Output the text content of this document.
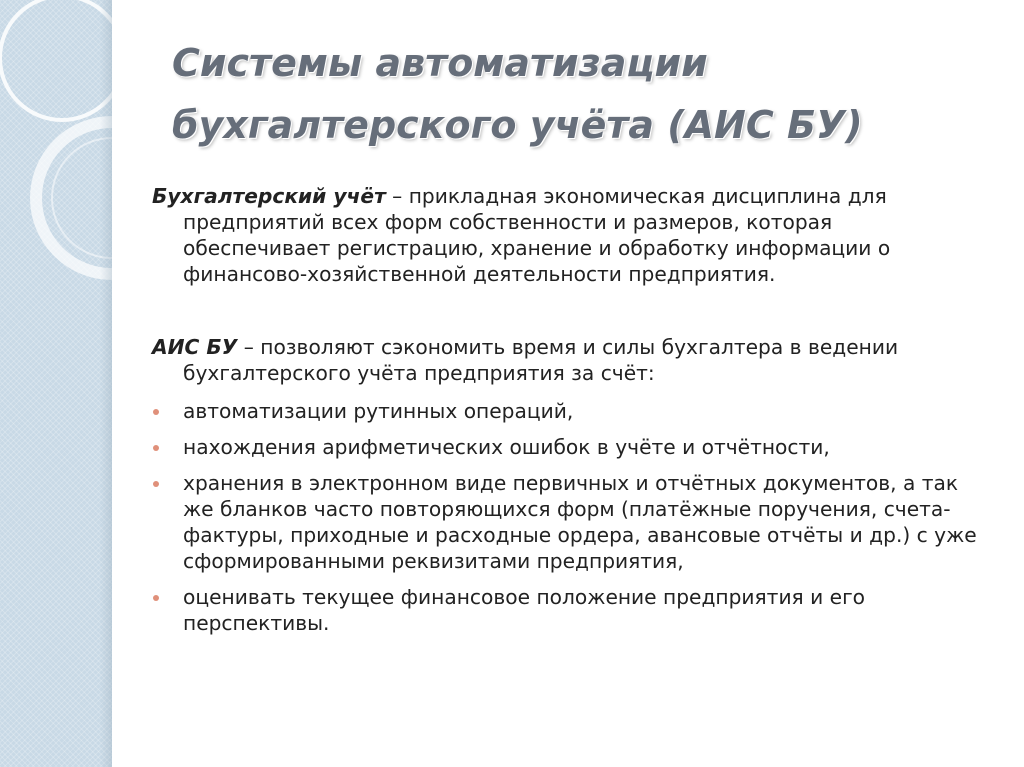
Системы автоматизации
бухгалтерского учёта (АИС БУ)

Бухгалтерский учёт – прикладная экономическая дисциплина для предприятий всех форм собственности и размеров, которая обеспечивает регистрацию, хранение и обработку информации о финансово-хозяйственной деятельности предприятия.

АИС БУ – позволяют сэкономить время и силы бухгалтера в ведении бухгалтерского учёта предприятия за счёт:

автоматизации рутинных операций,
нахождения арифметических ошибок в учёте и отчётности,
хранения в электронном виде первичных и отчётных документов, а так же бланков часто повторяющихся форм (платёжные поручения, счета-фактуры, приходные и расходные ордера, авансовые отчёты и др.) с уже сформированными реквизитами предприятия,
оценивать текущее финансовое положение предприятия и его перспективы.
